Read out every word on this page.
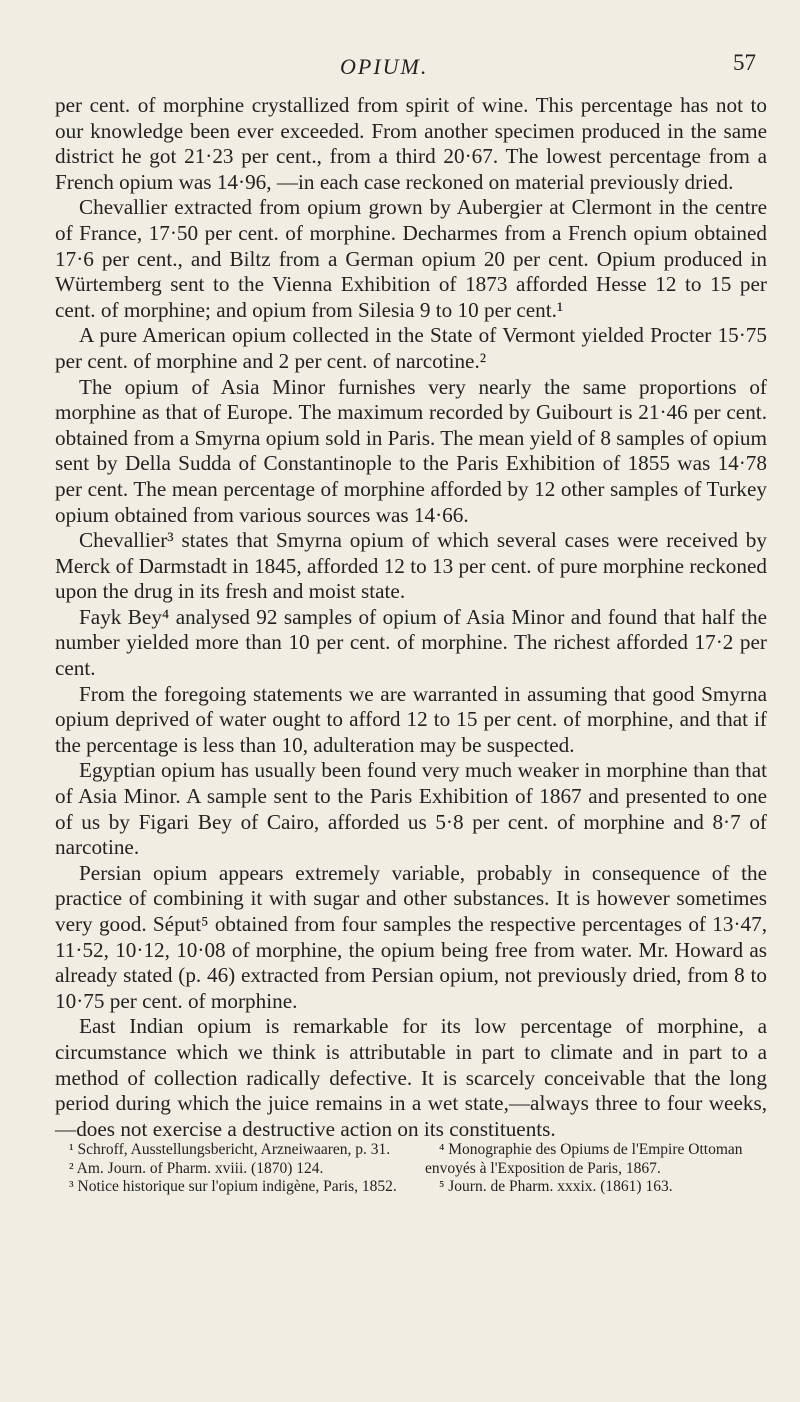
OPIUM.	57

per cent. of morphine crystallized from spirit of wine. This percentage has not to our knowledge been ever exceeded. From another specimen produced in the same district he got 21·23 per cent., from a third 20·67. The lowest percentage from a French opium was 14·96, —in each case reckoned on material previously dried.

Chevallier extracted from opium grown by Aubergier at Clermont in the centre of France, 17·50 per cent. of morphine. Decharmes from a French opium obtained 17·6 per cent., and Biltz from a German opium 20 per cent. Opium produced in Würtemberg sent to the Vienna Exhibition of 1873 afforded Hesse 12 to 15 per cent. of morphine; and opium from Silesia 9 to 10 per cent.¹

A pure American opium collected in the State of Vermont yielded Procter 15·75 per cent. of morphine and 2 per cent. of narcotine.²

The opium of Asia Minor furnishes very nearly the same proportions of morphine as that of Europe. The maximum recorded by Guibourt is 21·46 per cent. obtained from a Smyrna opium sold in Paris. The mean yield of 8 samples of opium sent by Della Sudda of Constantinople to the Paris Exhibition of 1855 was 14·78 per cent. The mean percentage of morphine afforded by 12 other samples of Turkey opium obtained from various sources was 14·66.

Chevallier³ states that Smyrna opium of which several cases were received by Merck of Darmstadt in 1845, afforded 12 to 13 per cent. of pure morphine reckoned upon the drug in its fresh and moist state.

Fayk Bey⁴ analysed 92 samples of opium of Asia Minor and found that half the number yielded more than 10 per cent. of morphine. The richest afforded 17·2 per cent.

From the foregoing statements we are warranted in assuming that good Smyrna opium deprived of water ought to afford 12 to 15 per cent. of morphine, and that if the percentage is less than 10, adulteration may be suspected.

Egyptian opium has usually been found very much weaker in morphine than that of Asia Minor. A sample sent to the Paris Exhibition of 1867 and presented to one of us by Figari Bey of Cairo, afforded us 5·8 per cent. of morphine and 8·7 of narcotine.

Persian opium appears extremely variable, probably in consequence of the practice of combining it with sugar and other substances. It is however sometimes very good. Séput⁵ obtained from four samples the respective percentages of 13·47, 11·52, 10·12, 10·08 of morphine, the opium being free from water. Mr. Howard as already stated (p. 46) extracted from Persian opium, not previously dried, from 8 to 10·75 per cent. of morphine.

East Indian opium is remarkable for its low percentage of morphine, a circumstance which we think is attributable in part to climate and in part to a method of collection radically defective. It is scarcely conceivable that the long period during which the juice remains in a wet state,—always three to four weeks,—does not exercise a destructive action on its constituents.

¹ Schroff, Ausstellungsbericht, Arzneiwaaren, p. 31.

² Am. Journ. of Pharm. xviii. (1870) 124.

³ Notice historique sur l'opium indigène, Paris, 1852.

⁴ Monographie des Opiums de l'Empire Ottoman envoyés à l'Exposition de Paris, 1867.

⁵ Journ. de Pharm. xxxix. (1861) 163.
